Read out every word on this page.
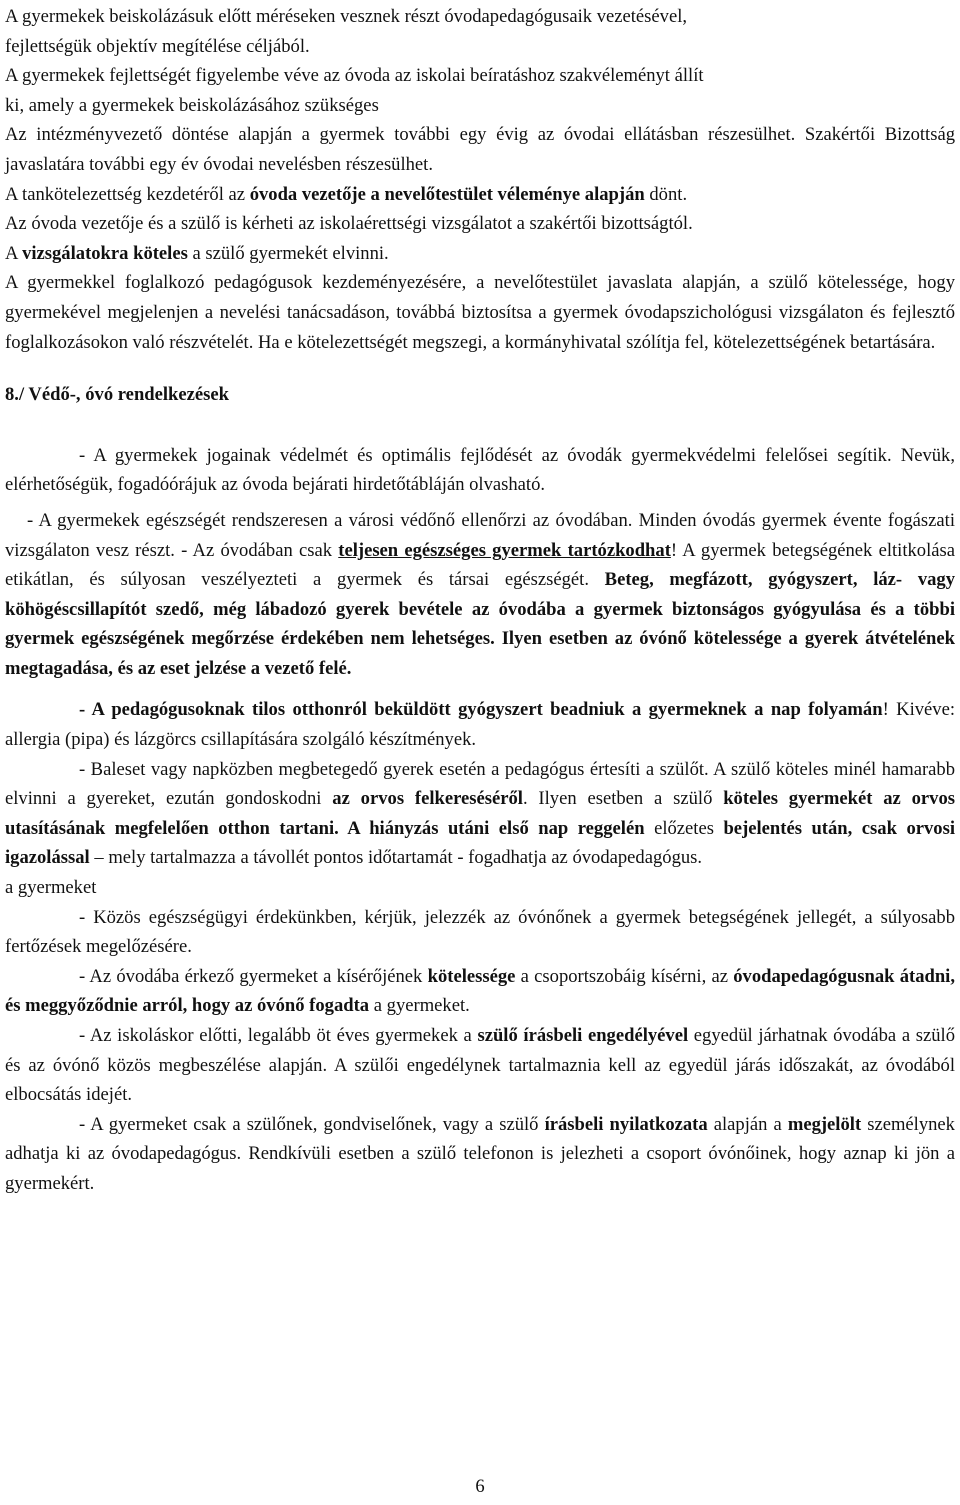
A gyermekek beiskolázásuk előtt méréseken vesznek részt óvodapedagógusaik vezetésével,
fejlettségük objektív megítélése céljából.
A gyermekek fejlettségét figyelembe véve az óvoda az iskolai beíratáshoz szakvéleményt állít
ki, amely a gyermekek beiskolázásához szükséges

Az intézményvezető döntése alapján a gyermek további egy évig az óvodai ellátásban részesülhet. Szakértői Bizottság javaslatára további egy év óvodai nevelésben részesülhet.

A tankötelezettség kezdetéről az óvoda vezetője a nevelőtestület véleménye alapján dönt.

Az óvoda vezetője és a szülő is kérheti az iskolaérettségi vizsgálatot a szakértői bizottságtól.

A vizsgálatokra köteles a szülő gyermekét elvinni.

A gyermekkel foglalkozó pedagógusok kezdeményezésére, a nevelőtestület javaslata alapján, a szülő kötelessége, hogy gyermekével megjelenjen a nevelési tanácsadáson, továbbá biztosítsa a gyermek óvodapszichológusi vizsgálaton és fejlesztő foglalkozásokon való részvételét. Ha e kötelezettségét megszegi, a kormányhivatal szólítja fel, kötelezettségének betartására.

8./ Védő-, óvó rendelkezések

- A gyermekek jogainak védelmét és optimális fejlődését az óvodák gyermekvédelmi felelősei segítik. Nevük, elérhetőségük, fogadóórájuk az óvoda bejárati hirdetőtábláján olvasható.

- A gyermekek egészségét rendszeresen a városi védőnő ellenőrzi az óvodában. Minden óvodás gyermek évente fogászati vizsgálaton vesz részt. - Az óvodában csak teljesen egészséges gyermek tartózkodhat! A gyermek betegségének eltitkolása etikátlan, és súlyosan veszélyezteti a gyermek és társai egészségét. Beteg, megfázott, gyógyszert, láz- vagy köhögéscsillapítót szedő, még lábadozó gyerek bevétele az óvodába a gyermek biztonságos gyógyulása és a többi gyermek egészségének megőrzése érdekében nem lehetséges. Ilyen esetben az óvónő kötelessége a gyerek átvételének megtagadása, és az eset jelzése a vezető felé.

- A pedagógusoknak tilos otthonról beküldött gyógyszert beadniuk a gyermeknek a nap folyamán! Kivéve: allergia (pipa) és lázgörcs csillapítására szolgáló készítmények.

- Baleset vagy napközben megbetegedő gyerek esetén a pedagógus értesíti a szülőt. A szülő köteles minél hamarabb elvinni a gyereket, ezután gondoskodni az orvos felkereséséről. Ilyen esetben a szülő köteles gyermekét az orvos utasításának megfelelően otthon tartani. A hiányzás utáni első nap reggelén előzetes bejelentés után, csak orvosi igazolással – mely tartalmazza a távollét pontos időtartamát - fogadhatja az óvodapedagógus.

a gyermeket

- Közös egészségügyi érdekünkben, kérjük, jelezzék az óvónőnek a gyermek betegségének jellegét, a súlyosabb fertőzések megelőzésére.

- Az óvodába érkező gyermeket a kísérőjének kötelessége a csoportszobáig kísérni, az óvodapedagógusnak átadni, és meggyőződnie arról, hogy az óvónő fogadta a gyermeket.

- Az iskoláskor előtti, legalább öt éves gyermekek a szülő írásbeli engedélyével egyedül járhatnak óvodába a szülő és az óvónő közös megbeszélése alapján. A szülői engedélynek tartalmaznia kell az egyedül járás időszakát, az óvodából elbocsátás idejét.

- A gyermeket csak a szülőnek, gondviselőnek, vagy a szülő írásbeli nyilatkozata alapján a megjelölt személynek adhatja ki az óvodapedagógus. Rendkívüli esetben a szülő telefonon is jelezheti a csoport óvónőinek, hogy aznap ki jön a gyermekért.

6
